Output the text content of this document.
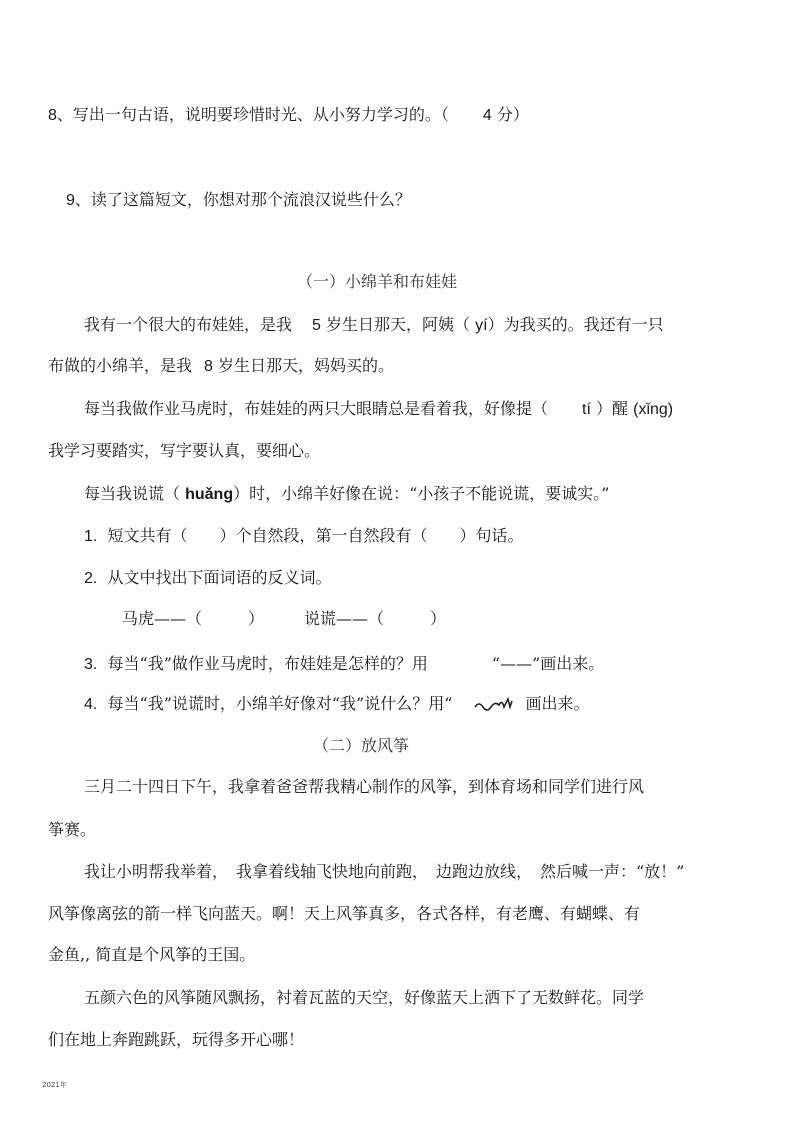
8、写出一句古语，说明要珍惜时光、从小努力学习的。（ 4 分）
9、读了这篇短文，你想对那个流浪汉说些什么？
（一）小绵羊和布娃娃
我有一个很大的布娃娃，是我 5 岁生日那天，阿姨（ yí）为我买的。我还有一只
布做的小绵羊，是我 8 岁生日那天，妈妈买的。
每当我做作业马虎时，布娃娃的两只大眼睛总是看着我，好像提（ tí ）醒 (xǐng)
我学习要踏实，写字要认真，要细心。
每当我说谎（ huǎng）时，小绵羊好像在说：“小孩子不能说谎，要诚实。”
1. 短文共有（　　）个自然段，第一自然段有（　　）句话。
2. 从文中找出下面词语的反义词。
马虎——（	）	说谎——（	）
3. 每当“我”做作业马虎时，布娃娃是怎样的？用	“——”画出来。
4. 每当“我”说谎时，小绵羊好像对“我”说什么？用“	画出来。
（二）放风筝
三月二十四日下午，我拿着爸爸帮我精心制作的风筝，到体育场和同学们进行风
筝赛。
我让小明帮我举着，　我拿着线轴飞快地向前跑，　边跑边放线，　然后喊一声：“放！”
风筝像离弦的箭一样飞向蓝天。啊！天上风筝真多，各式各样，有老鹰、有蝴蝶、有
金鱼,, 简直是个风筝的王国。
五颜六色的风筝随风飘扬，衬着瓦蓝的天空，好像蓝天上洒下了无数鲜花。同学
们在地上奔跑跳跃，玩得多开心哪！
2021年
